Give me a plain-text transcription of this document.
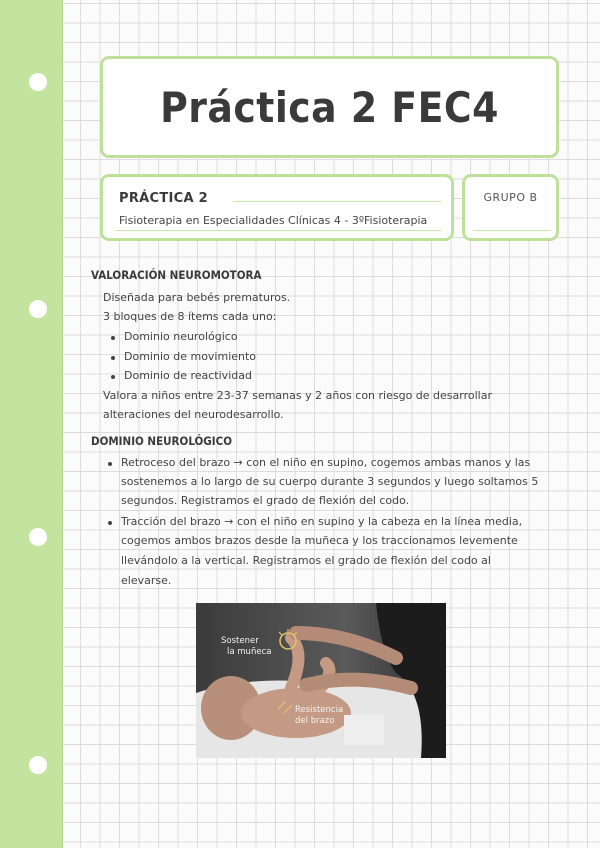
Práctica 2 FEC4
PRÁCTICA 2
Fisioterapia en Especialidades Clínicas 4 - 3ºFisioterapia
GRUPO B
VALORACIÓN NEUROMOTORA
Diseñada para bebés prematuros.
3 bloques de 8 ítems cada uno:
Dominio neurológico
Dominio de movimiento
Dominio de reactividad
Valora a niños entre 23-37 semanas y 2 años con riesgo de desarrollar
alteraciones del neurodesarrollo.
DOMINIO NEUROLÓGICO
Retroceso del brazo → con el niño en supino, cogemos ambas manos y las
sostenemos a lo largo de su cuerpo durante 3 segundos y luego soltamos 5
segundos. Registramos el grado de flexión del codo.
Tracción del brazo → con el niño en supino y la cabeza en la línea media,
cogemos ambos brazos desde la muñeca y los traccionamos levemente
llevándolo a la vertical. Registramos el grado de flexión del codo al
elevarse.
Sostener
la muñeca
Resistencia
del brazo
